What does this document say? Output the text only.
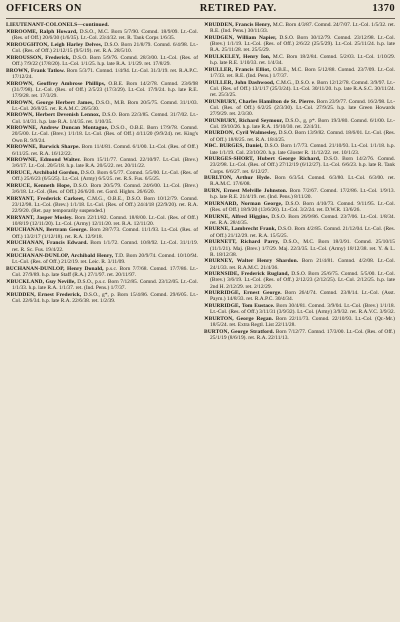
OFFICERS ON	RETIRED PAY.	1370
LIEUTENANT-COLONELS—continued.
✕BROOME, Ralph Howard, D.S.O., M.C. Born 5/7/90. Comnd. 18/9/09. Lt.-Col. (Res. of Off.) 20/6/30 (1/6/35). Lt.-Col. 23/4/32. ret. R. Tank Corps 1/6/35.
✕BROUGHTON, Leigh Harley Delves, D.S.O. Born 21/8/79. Comnd. 6/4/98. Lt.-Col. (Res. of Off.) 21/12/15 (9/5/19). ret. R.A. 28/5/10.
✕BROUSSON, Frederick, D.S.O. Born 5/9/76. Comnd. 28/3/00. Lt.-Col. (Res. of Off.) 7/9/22 (17/8/20). Lt.-Col. 1/1/25. h.p. late R.A. 1/1/29. ret. 17/8/29.
BROWN, Frank Tatlow. Born 5/3/71. Comnd. 1/4/94. Lt.-Col. 31/3/19. ret. R.A.P.C. 17/12/24.
✕BROWN, Geoffrey Ambrose Phillips, O.B.E. Born 14/2/78. Comnd. 23/6/98 (31/7/98). Lt.-Col. (Res. of Off.) 2/5/23 (17/3/29). Lt.-Col. 17/9/24. h.p. late R.E. 17/9/28. ret. 17/3/29.
✕BROWN, George Herbert James, D.S.O., M.B. Born 20/5/75. Comnd. 31/1/03. Lt.-Col. 26/8/25. ret. R.A.M.C. 26/5/30.
✕BROWN, Herbert Devenish Lennox, D.S.O. Born 22/3/85. Comnd. 31/7/02. Lt.-Col. 1/4/31. h.p. late R.A. 1/4/35. ret. 1/10/35.
✕BROWNE, Andrew Duncan Montague, D.S.O., O.B.E. Born 17/9/78. Comnd. 20/5/00. Lt.-Col. (Brev.) 1/1/18. Lt.-Col. (Res. of Off.) 4/11/20 (9/9/24). ret. King's Own R. 9/9/24.
✕BROWNE, Barwick Sharpe. Born 11/4/81. Comnd. 6/1/00. Lt.-Col. (Res. of Off.) 6/11/25. ret. R.A. 16/12/22.
✕BROWNE, Edmond Walter. Born 15/11/77. Comnd. 22/10/97. Lt.-Col. (Brev.) 3/6/17. Lt.-Col. 20/5/18. h.p. late R.A. 20/5/22. ret. 20/11/22.
✕BRUCE, Archibald Gordon, D.S.O. Born 6/5/77. Comnd. 5/5/00. Lt.-Col. (Res. of Off.) 25/6/23 (6/5/25). Lt.-Col. (Army) 6/5/25. ret. R.S. Fus. 6/5/25.
✕BRUCE, Kenneth Hope, D.S.O. Born 20/5/79. Comnd. 24/6/00. Lt.-Col. (Brev.) 3/6/18. Lt.-Col. (Res. of Off.) 26/6/20. ret. Gord. Highrs. 26/6/20.
✕BRYANT, Frederick Carkeet, C.M.G., O.B.E., D.S.O. Born 10/12/79. Comnd. 23/12/98. Lt.-Col. (Brev.) 1/1/18. Lt.-Col. (Res. of Off.) 24/4/18 (22/9/20). ret. R.A. 22/9/20. (Ret. pay temporarily suspended.)
✕BRYANT, Jasper Mosley. Born 22/11/82. Comnd. 18/8/00. Lt.-Col. (Res. of Off.) 10/8/19 (12/11/20). Lt.-Col. (Army) 12/11/20. ret. R.A. 12/11/20.
✕BUCHANAN, Bertram George. Born 28/7/73. Comnd. 11/1/93. Lt.-Col. (Res. of Off.) 13/2/17 (1/12/18). ret. R.A. 12/9/18.
✕BUCHANAN, Francis Edward. Born 1/1/72. Comnd. 10/8/92. Lt.-Col. 31/1/19. ret. R. Sc. Fus. 19/4/22.
✕BUCHANAN-DUNLOP, Archibald Henry, T.D. Born 20/9/74. Comnd. 10/10/94. Lt.-Col. (Res. of Off.) 21/2/19. ret. Leic. R. 3/11/09.
BUCHANAN-DUNLOP, Henry Donald, p.s.c. Born 7/7/68. Comnd. 17/7/86. Lt.-Col. 27/9/89. h.p. late Staff (R.A.) 27/1/97. ret. 20/11/97.
✕BUCKLAND, Guy Neville, D.S.O., p.s.c. Born 7/12/85. Comnd. 23/12/05. Lt.-Col. 1/1/33. h.p. late R.A. 1/1/37. ret. (Ind. Pens.) 1/7/37.
✕BUDDEN, Ernest Frederick, D.S.O., g*, p. Born 15/4/86. Comnd. 29/6/05. Lt.-Col. 22/6/34. h.p. late R.A. 22/6/38. ret. 1/2/39.
✕BUDDEN, Francis Henry, M.C. Born 4/3/87. Comnd. 24/7/07. Lt.-Col. 1/5/32. ret. R.E. (Ind. Pens.) 30/11/33.
✕BUDGEN, William Napier, D.S.O. Born 30/12/79. Comnd. 23/12/98. Lt.-Col. (Brev.) 1/1/19. Lt.-Col. (Res. of Off.) 2/6/22 (25/5/29). Lt.-Col. 25/11/24. h.p. late R.A. 25/11/28. ret. 25/5/29.
✕BULKELEY, Henry Ion, M.C. Born 18/2/84. Comnd. 5/2/03. Lt.-Col. 1/10/29. h.p. late R.E. 1/10/33. ret. 1/4/34.
✕BULLER, Francis Elliot, O.B.E., M.C. Born 5/12/88. Comnd. 23/7/09. Lt.-Col. 1/7/33. ret. R.E. (Ind. Pens.) 1/7/37.
✕BULLER, John Dashwood, C.M.G., D.S.O. e. Born 12/12/78. Comnd. 3/9/97. Lt.-Col. (Res. of Off.) 13/1/17 (25/3/24). Lt.-Col. 30/11/20. h.p. late R.A.S.C. 30/11/24. ret. 25/3/25.
✕BUNBURY, Charles Hamilton de St. Pierre. Born 23/9/77. Comnd. 16/2/98. Lt.-Col. (Res. of Off.) 6/2/25 (2/3/30). Lt.-Col. 27/9/25. h.p. late Green Howards 27/9/29. ret. 2/3/30.
✕BUNBURY, Richard Seymour, D.S.O., g, p*. Born 19/3/80. Comnd. 6/1/00. Lt.-Col. 19/10/26. h.p. late R.A. 19/10/30. ret. 22/4/31.
✕BURDON, Cyril Walmesley, D.S.O. Born 13/9/82. Comnd. 18/6/01. Lt.-Col. (Res. of Off.) 18/8/25. ret. R.A. 18/4/25.
✕B̶C. BURGES, Daniel, D.S.O. Born 1/7/73. Comnd. 21/10/93. Lt.-Col. 1/1/18. h.p. late 1/1/19. Col. 23/10/20. h.p. late Gloster R. 11/12/22. ret. 10/1/23.
✕BURGES-SHORT, Hubert George Richard, D.S.O. Born 14/2/76. Comnd. 23/2/98. Lt.-Col. (Res. of Off.) 27/12/19 (6/12/27). Lt.-Col. 6/6/23. h.p. late R. Tank Corps. 6/6/27. ret. 6/12/27.
BURLTON, Arthur Hyde. Born 6/3/54. Comnd. 6/3/80. Lt.-Col. 6/3/00. ret. R.A.M.C. 17/6/08.
BURN, Ernest Melville Johnston. Born 7/2/67. Comnd. 17/2/86. Lt.-Col. 1/9/13. h.p. late R.E. 21/4/19. ret. (Ind. Pens.) 8/11/20.
✕BURNARD, Norman George, D.S.O. Born 4/10/73. Comnd. 9/11/95. Lt.-Col. (Res. of Off.) 18/9/20 (13/6/26). Lt.-Col. 3/2/24. ret. D.W.R. 13/6/26.
✕BURNE, Alfred Higgins, D.S.O. Born 26/9/86. Comnd. 23/7/06. Lt.-Col. 1/8/34. ret. R.A. 28/4/35.
✕BURNE, Lambrecht Frank, D.S.O. Born 4/2/85. Comnd. 21/12/04. Lt.-Col. (Res. of Off.) 21/12/29. ret. R.A. 15/5/25.
✕BURNETT, Richard Parry, D.S.O., M.C. Born 18/3/91. Comnd. 25/10/15 (11/1/21). Maj. (Brev.) 1/7/29. Maj. 22/3/35. Lt.-Col. (Army) 18/12/38. ret. Y. & L. R. 18/12/38.
✕BURNEY, Walter Henry Shardon. Born 21/4/81. Comnd. 4/2/08. Lt.-Col. 24/1/33. ret. R.A.M.C. 21/4/36.
✕BURNSIDE, Frederick Rugland, D.S.O. Born 25/6/75. Comnd. 5/5/00. Lt.-Col. (Brev.) 3/6/19. Lt.-Col. (Res. of Off.) 2/12/23 (2/12/25). Lt.-Col. 2/12/25. h.p. late 2nd H. 2/12/29. ret. 2/12/29.
✕BURRIDGE, Ernest George. Born 26/4/74. Comnd. 23/8/14. Lt.-Col. (Asst. Paym.) 14/8/33. ret. R.A.P.C. 30/4/34.
✕BURRIDGE, Tom Eustace. Born 30/4/81. Comnd. 3/9/04. Lt.-Col. (Brev.) 1/1/18. Lt.-Col. (Res. of Off.) 3/11/31 (3/9/32). Lt.-Col. (Army) 3/9/32. ret. R.A.V.C. 3/9/32.
✕BURTON, George Regan. Born 22/11/73. Comnd. 22/10/93. Lt.-Col. (Qr.-Mr.) 18/5/24. ret. Extra Regtl. List 22/11/28.
BURTON, George Stratford. Born 7/12/77. Comnd. 17/3/00. Lt.-Col. (Res. of Off.) 25/1/19 (8/6/19). ret. R.A. 22/11/13.
